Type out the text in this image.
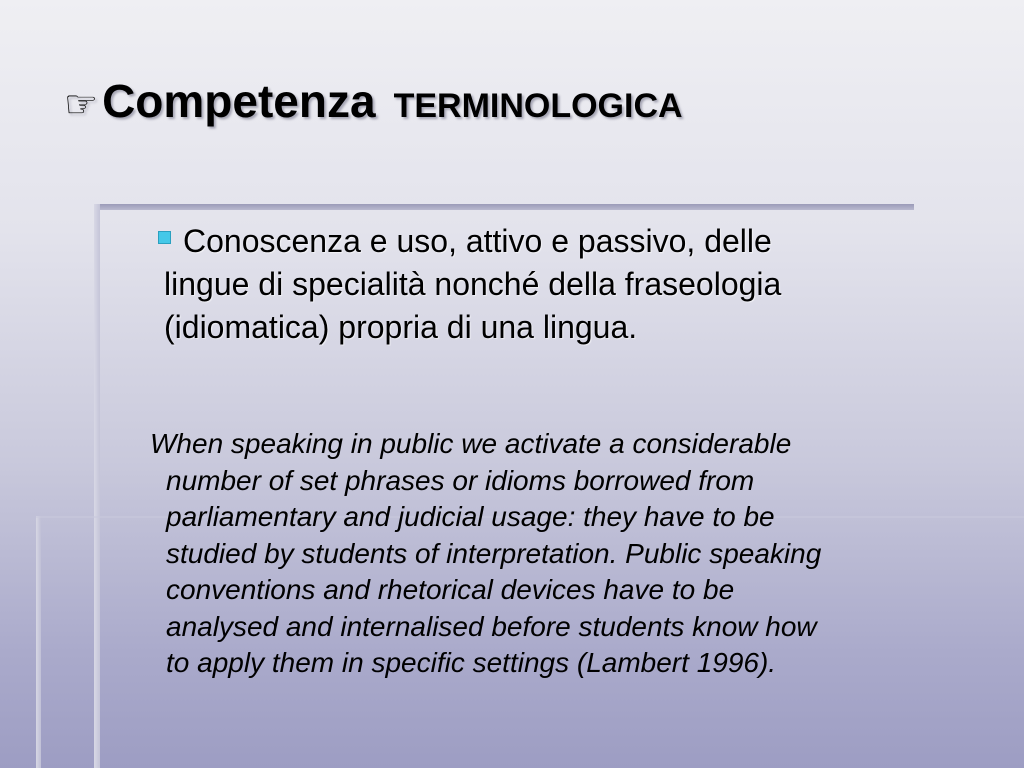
☞ Competenza TERMINOLOGICA
Conoscenza e uso, attivo e passivo, delle
lingue di specialità nonché della fraseologia
(idiomatica) propria di una lingua.
When speaking in public we activate a considerable
number of set phrases or idioms borrowed from
parliamentary and judicial usage: they have to be
studied by students of interpretation. Public speaking
conventions and rhetorical devices have to be
analysed and internalised before students know how
to apply them in specific settings (Lambert 1996).
